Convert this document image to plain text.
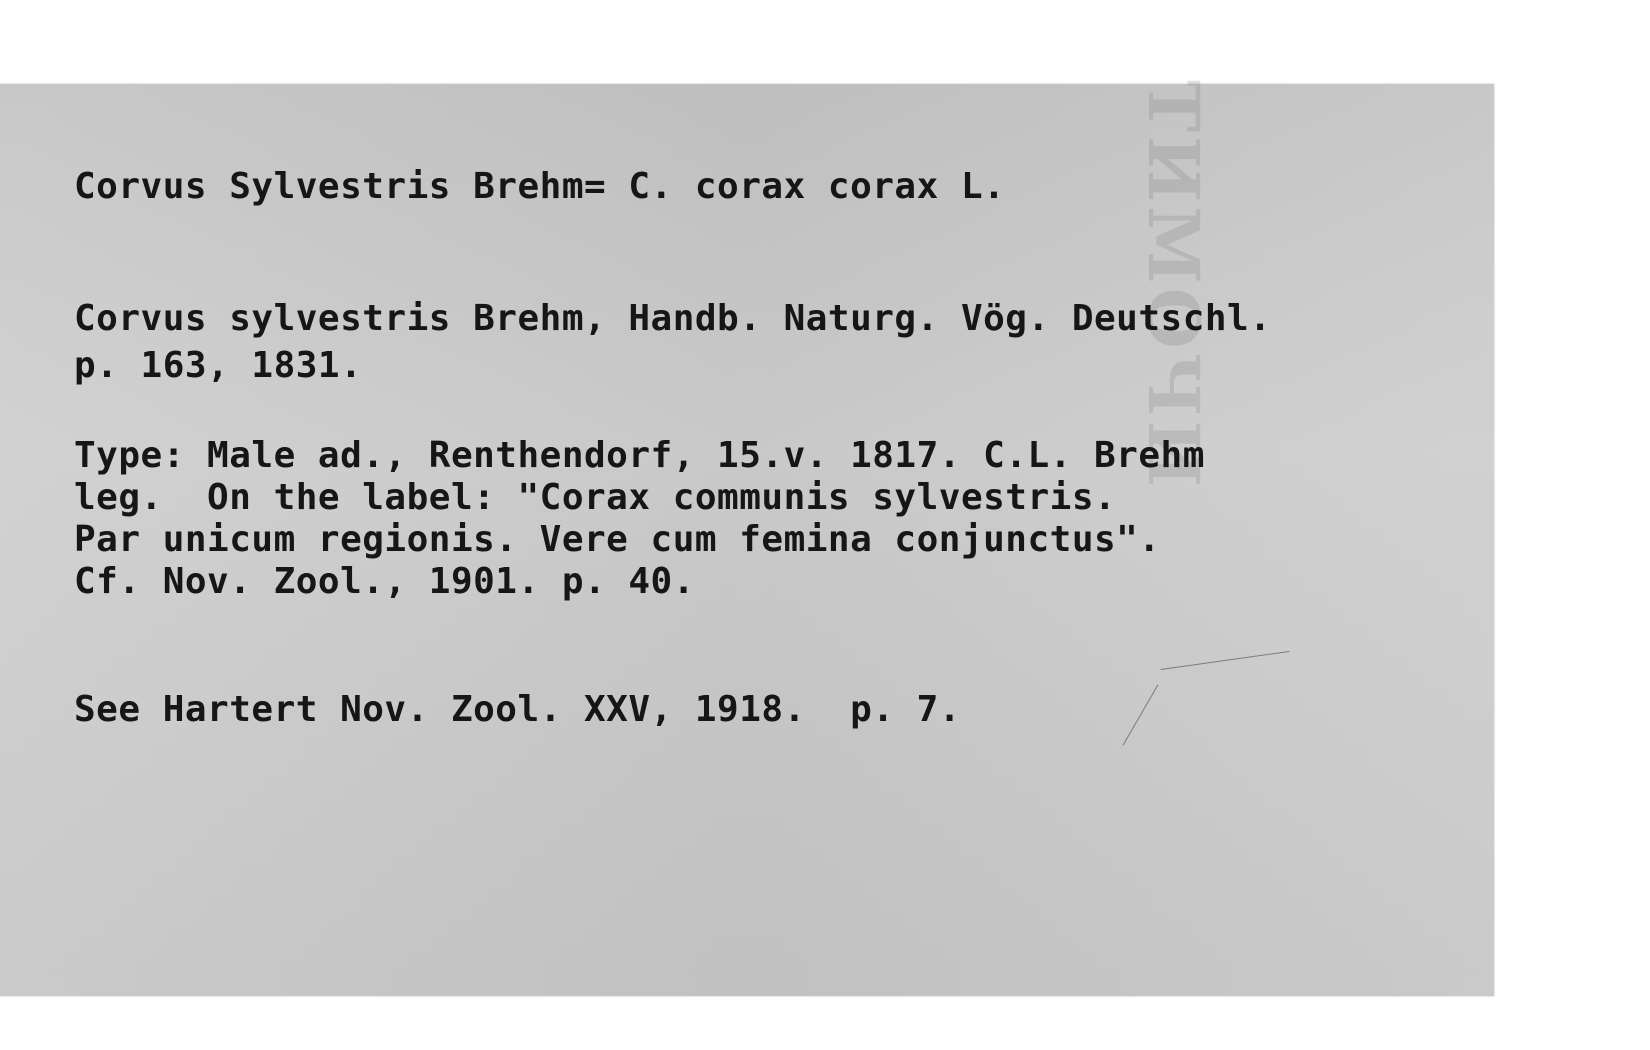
ТИМОЧИ

Corvus Sylvestris Brehm= C. corax corax L.

Corvus sylvestris Brehm, Handb. Naturg. Vög. Deutschl.

p. 163, 1831.

Type: Male ad., Renthendorf, 15.v. 1817. C.L. Brehm

leg.  On the label: "Corax communis sylvestris.

Par unicum regionis. Vere cum femina conjunctus".

Cf. Nov. Zool., 1901. p. 40.

See Hartert Nov. Zool. XXV, 1918.  p. 7.
